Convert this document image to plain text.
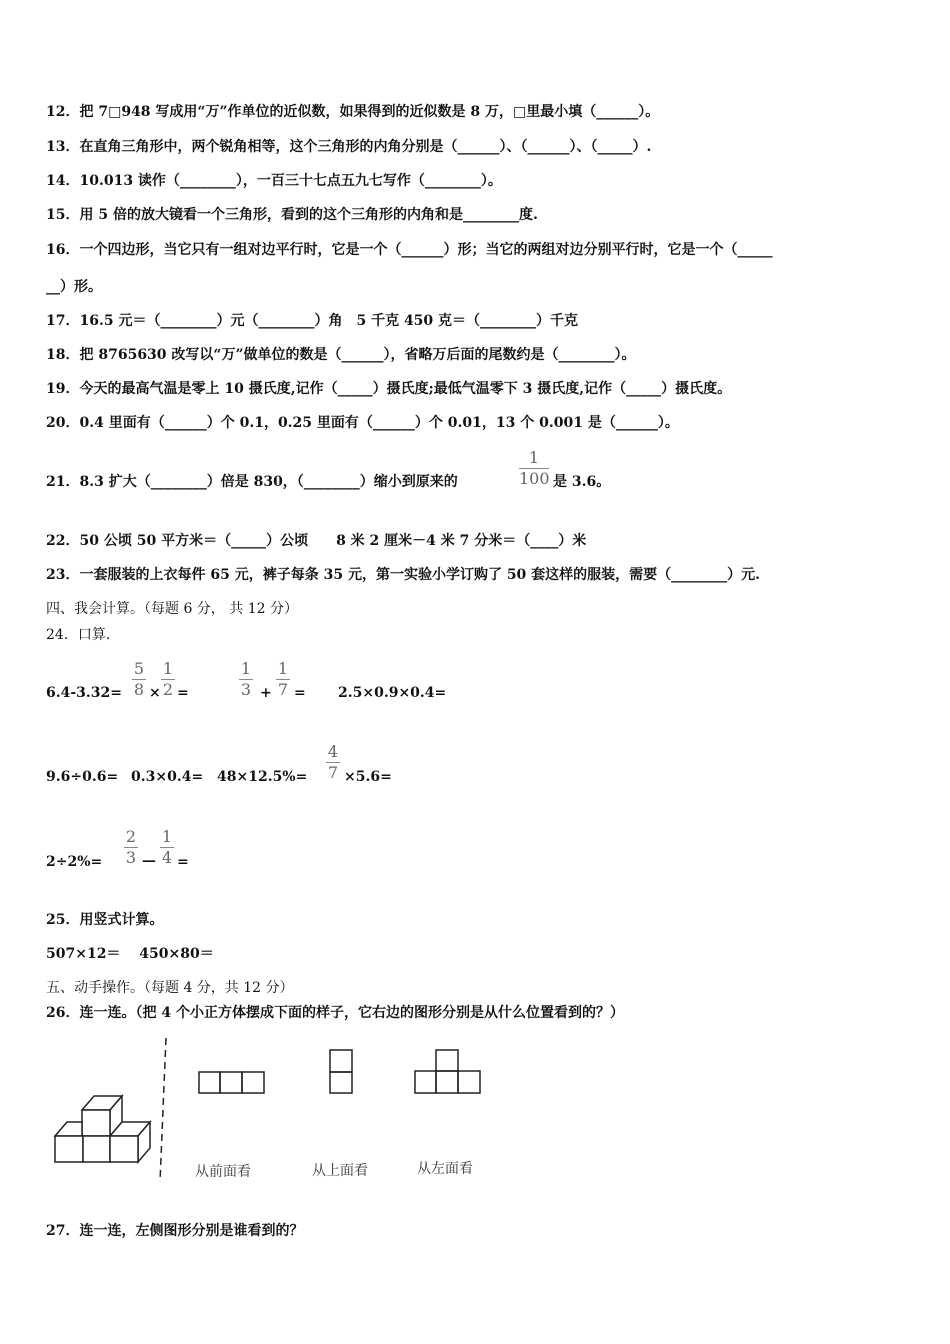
12．把 7□948 写成用“万”作单位的近似数，如果得到的近似数是 8 万，□里最小填（______）。
13．在直角三角形中，两个锐角相等，这个三角形的内角分别是（______）、（______）、（_____）.
14．10.013 读作（________），一百三十七点五九七写作（________）。
15．用 5 倍的放大镜看一个三角形，看到的这个三角形的内角和是________度.
16．一个四边形，当它只有一组对边平行时，它是一个（______）形；当它的两组对边分别平行时，它是一个（_____
__）形。
17．16.5 元＝（________）元（________）角　5 千克 450 克＝（________）千克
18．把 8765630 改写以“万”做单位的数是（______），省略万后面的尾数约是（________）。
19．今天的最高气温是零上 10 摄氏度,记作（_____）摄氏度;最低气温零下 3 摄氏度,记作（_____）摄氏度。
20．0.4 里面有（______）个 0.1，0.25 里面有（______）个 0.01，13 个 0.001 是（______）。
21．8.3 扩大（________）倍是 830，（________）缩小到原来的
1
100 是 3.6。
22．50 公顷 50 平方米＝（_____）公顷　　8 米 2 厘米－4 米 7 分米＝（____）米
23．一套服装的上衣每件 65 元，裤子每条 35 元，第一实验小学订购了 50 套这样的服装，需要（________）元.
四、我会计算。（每题 6 分， 共 12 分）
24．口算.
6.4-3.32=
5
8 ×
1
2 =
1
3 +
1
7 = 2.5×0.9×0.4=
9.6÷0.6= 0.3×0.4= 48×12.5%=
4
7 ×5.6=
2÷2%=
2
3 —
1
4 =
25．用竖式计算。
507×12＝　 450×80＝
五、动手操作。（每题 4 分，共 12 分）
26．连一连。（把 4 个小正方体摆成下面的样子，它右边的图形分别是从什么位置看到的？）
从前面看	从上面看	从左面看
27．连一连，左侧图形分别是谁看到的？
